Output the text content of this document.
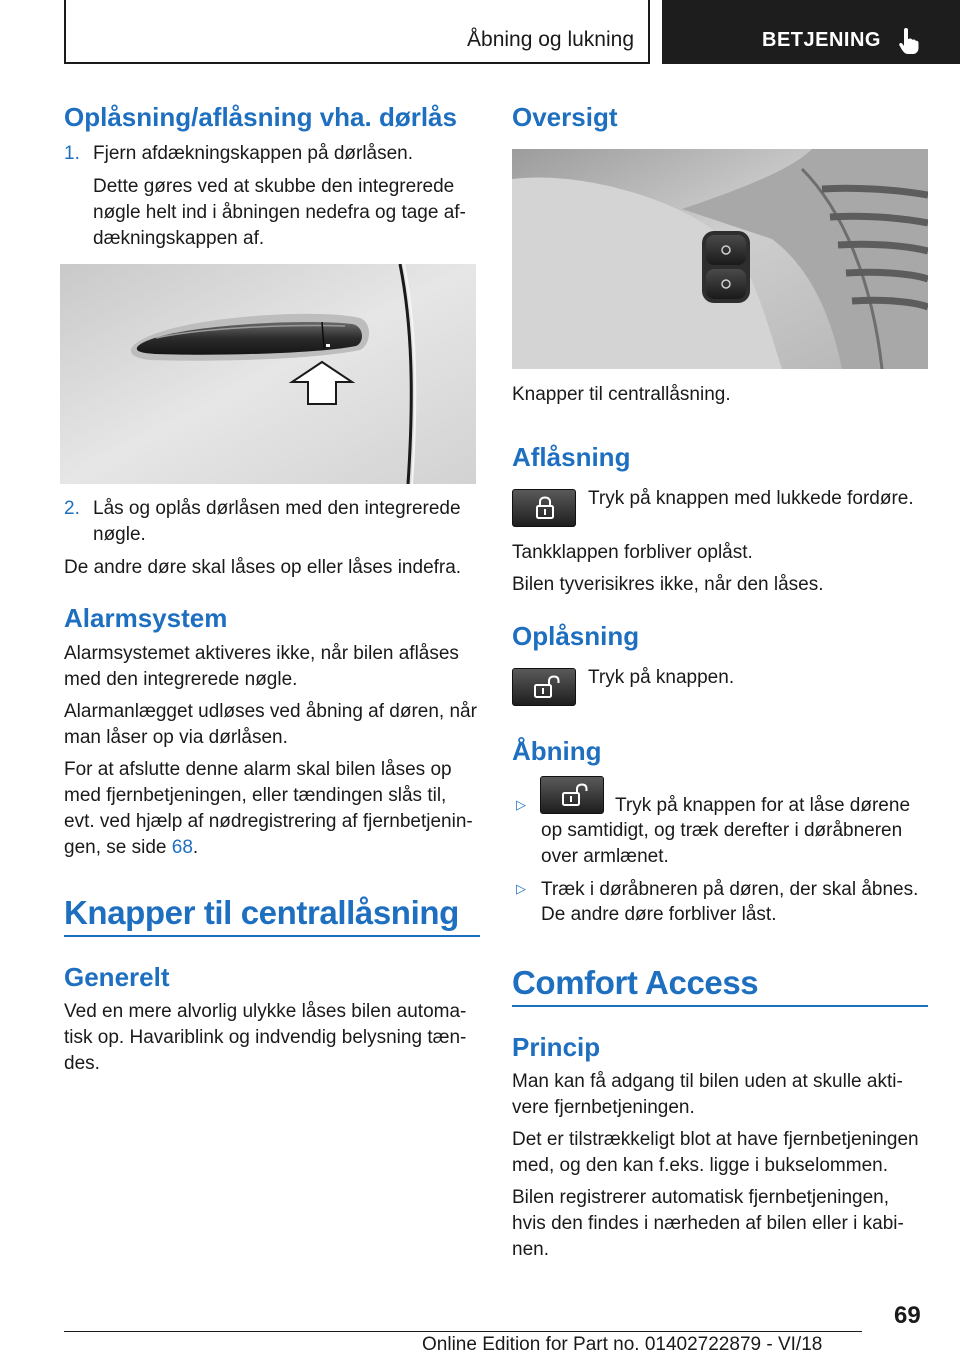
Åbning og lukning	BETJENING
Oplåsning/aflåsning vha. dørlås
1. Fjern afdækningskappen på dørlåsen.
Dette gøres ved at skubbe den integrerede
nøgle helt ind i åbningen nedefra og tage af-
dækningskappen af.
2. Lås og oplås dørlåsen med den integrerede
nøgle.
De andre døre skal låses op eller låses indefra.
Alarmsystem
Alarmsystemet aktiveres ikke, når bilen aflåses
med den integrerede nøgle.
Alarmanlægget udløses ved åbning af døren, når
man låser op via dørlåsen.
For at afslutte denne alarm skal bilen låses op
med fjernbetjeningen, eller tændingen slås til,
evt. ved hjælp af nødregistrering af fjernbetjenin-
gen, se side 68.
Knapper til centrallåsning
Generelt
Ved en mere alvorlig ulykke låses bilen automa-
tisk op. Havariblink og indvendig belysning tæn-
des.
Oversigt
Knapper til centrallåsning.
Aflåsning
Tryk på knappen med lukkede fordøre.
Tankklappen forbliver oplåst.
Bilen tyverisikres ikke, når den låses.
Oplåsning
Tryk på knappen.
Åbning
▷	Tryk på knappen for at låse dørene
op samtidigt, og træk derefter i døråbneren
over armlænet.
▷ Træk i døråbneren på døren, der skal åbnes.
De andre døre forbliver låst.
Comfort Access
Princip
Man kan få adgang til bilen uden at skulle akti-
vere fjernbetjeningen.
Det er tilstrækkeligt blot at have fjernbetjeningen
med, og den kan f.eks. ligge i bukselommen.
Bilen registrerer automatisk fjernbetjeningen,
hvis den findes i nærheden af bilen eller i kabi-
nen.
69
Online Edition for Part no. 01402722879 - VI/18
